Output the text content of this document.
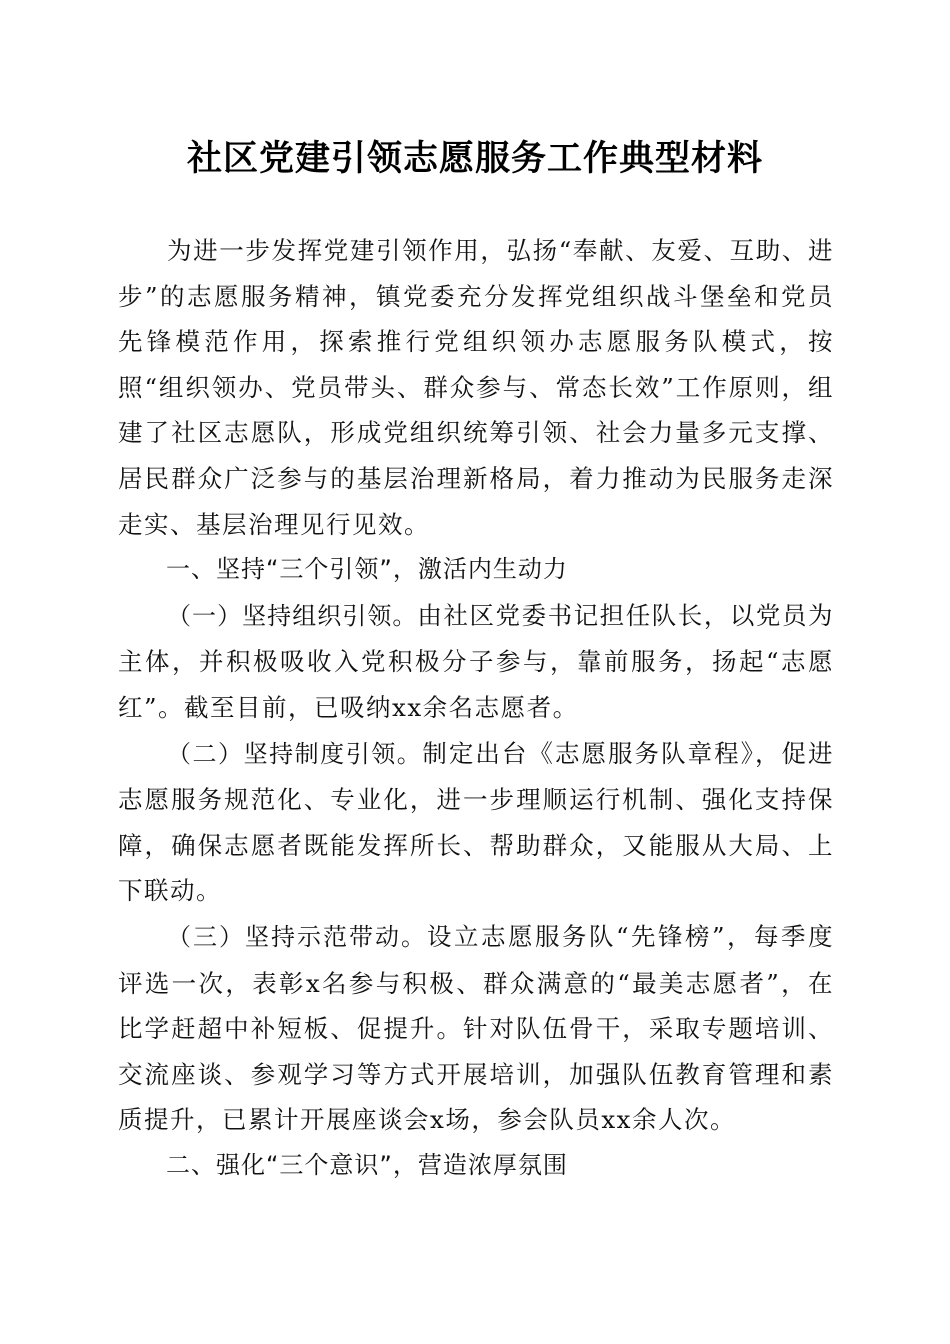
社区党建引领志愿服务工作典型材料

为进一步发挥党建引领作用，弘扬“奉献、友爱、互助、进步”的志愿服务精神，镇党委充分发挥党组织战斗堡垒和党员先锋模范作用，探索推行党组织领办志愿服务队模式，按照“组织领办、党员带头、群众参与、常态长效”工作原则，组建了社区志愿队，形成党组织统筹引领、社会力量多元支撑、居民群众广泛参与的基层治理新格局，着力推动为民服务走深走实、基层治理见行见效。

一、坚持“三个引领”，激活内生动力

（一）坚持组织引领。由社区党委书记担任队长，以党员为主体，并积极吸收入党积极分子参与，靠前服务，扬起“志愿红”。截至目前，已吸纳xx余名志愿者。

（二）坚持制度引领。制定出台《志愿服务队章程》，促进志愿服务规范化、专业化，进一步理顺运行机制、强化支持保障，确保志愿者既能发挥所长、帮助群众，又能服从大局、上下联动。

（三）坚持示范带动。设立志愿服务队“先锋榜”，每季度评选一次，表彰x名参与积极、群众满意的“最美志愿者”，在比学赶超中补短板、促提升。针对队伍骨干，采取专题培训、交流座谈、参观学习等方式开展培训，加强队伍教育管理和素质提升，已累计开展座谈会x场，参会队员xx余人次。

二、强化“三个意识”，营造浓厚氛围
